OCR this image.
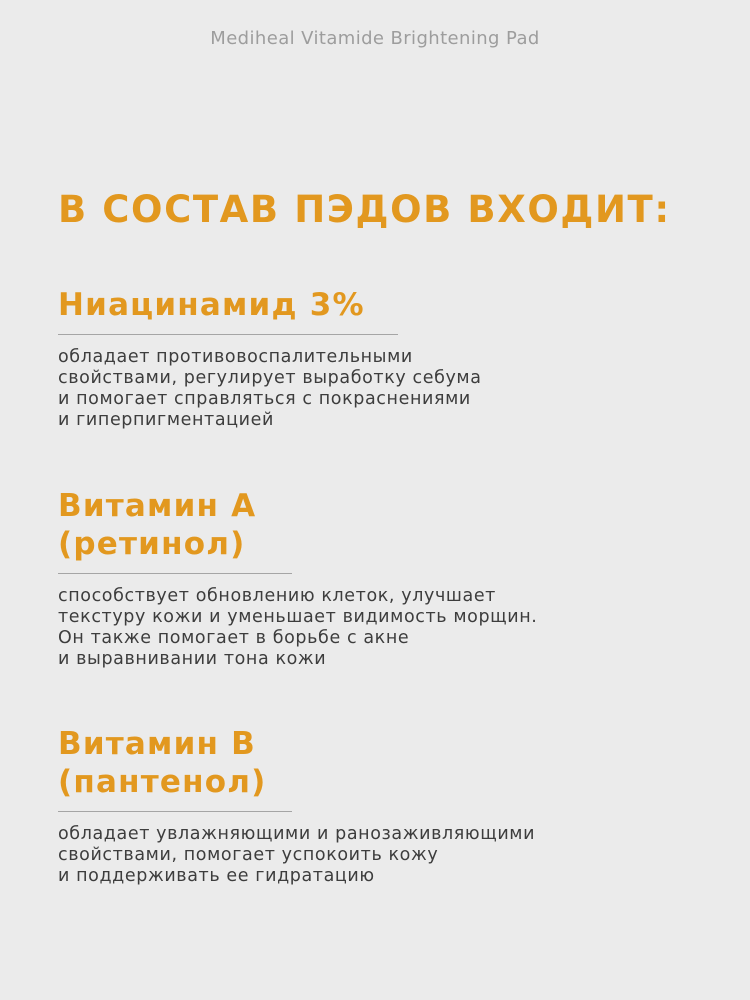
Mediheal Vitamide Brightening Pad
В СОСТАВ ПЭДОВ ВХОДИТ:
Ниацинамид 3%
обладает противовоспалительными
свойствами, регулирует выработку себума
и помогает справляться с покраснениями
и гиперпигментацией
Витамин А
(ретинол)
способствует обновлению клеток, улучшает
текстуру кожи и уменьшает видимость морщин.
Он также помогает в борьбе с акне
и выравнивании тона кожи
Витамин В
(пантенол)
обладает увлажняющими и ранозаживляющими
свойствами, помогает успокоить кожу
и поддерживать ее гидратацию
